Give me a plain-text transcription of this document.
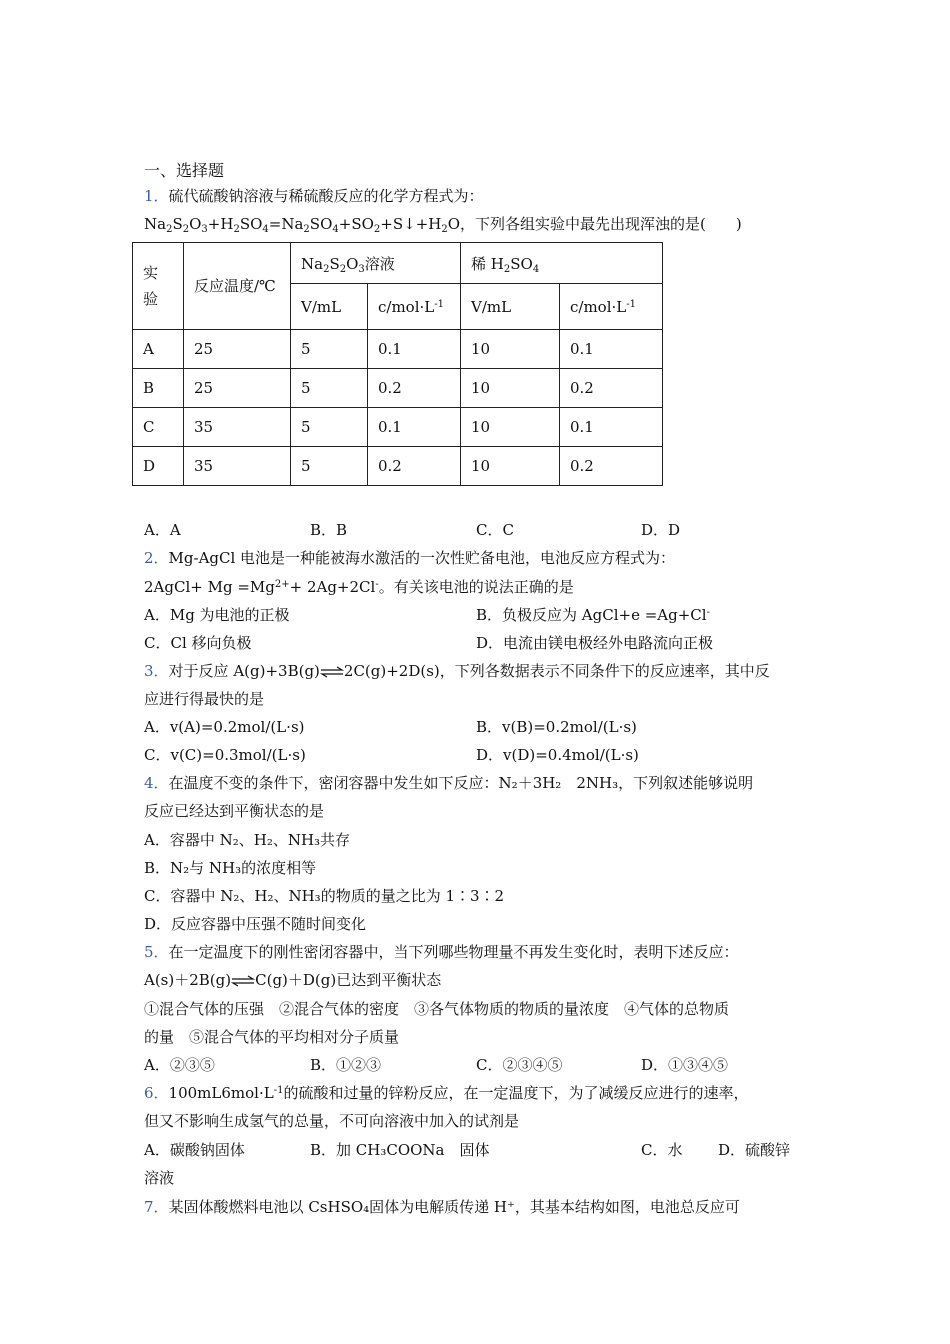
一、选择题
1．硫代硫酸钠溶液与稀硫酸反应的化学方程式为：
$Na_2S_2O_3+H_2SO_4=Na_2SO_4+SO_2+S↓+H_2O$，下列各组实验中最先出现浑浊的是(　　)
实验	反应温度/℃	$Na_2S_2O_3$溶液		稀 $H_2SO_4$
		V/mL	$c/mol\cdot L^{-1}$	V/mL	$c/mol\cdot L^{-1}$
A	25	5	0.1	10	0.1
B	25	5	0.2	10	0.2
C	35	5	0.1	10	0.1
D	35	5	0.2	10	0.2
A．A	B．B	C．C	D．D
2．Mg-AgCl 电池是一种能被海水激活的一次性贮备电池，电池反应方程式为：
2AgCl+ $Mg =Mg^{2+}+ 2Ag+2Cl^-$。有关该电池的说法正确的是
A．Mg 为电池的正极	B．负极反应为 AgCl+e =Ag+Cl-
C．Cl 移向负极	D．电流由镁电极经外电路流向正极
3．对于反应 A(g)+3B(g)⇌2C(g)+2D(s)，下列各数据表示不同条件下的反应速率，其中反
应进行得最快的是
A．v(A)=0.2mol/(L·s)	B．v(B)=0.2mol/(L·s)
C．v(C)=0.3mol/(L·s)	D．v(D)=0.4mol/(L·s)
4．在温度不变的条件下，密闭容器中发生如下反应：N₂＋3H₂　2NH₃，下列叙述能够说明
反应已经达到平衡状态的是
A．容器中 N₂、H₂、NH₃共存
B．N₂与 NH₃的浓度相等
C．容器中 N₂、H₂、NH₃的物质的量之比为 1∶3∶2
D．反应容器中压强不随时间变化
5．在一定温度下的刚性密闭容器中，当下列哪些物理量不再发生变化时，表明下述反应：
A(s)＋2B(g)⇌C(g)＋D(g)已达到平衡状态
①混合气体的压强　②混合气体的密度　③各气体物质的物质的量浓度　④气体的总物质
的量　⑤混合气体的平均相对分子质量
A．②③⑤	B．①②③	C．②③④⑤	D．①③④⑤
6．$100mL6mol\cdot L^{-1}$的硫酸和过量的锌粉反应，在一定温度下，为了减缓反应进行的速率，
但又不影响生成氢气的总量，不可向溶液中加入的试剂是
A．碳酸钠固体	B．加 CH₃COONa　固体	C．水 D．硫酸锌
溶液
7．某固体酸燃料电池以 CsHSO₄固体为电解质传递 H⁺，其基本结构如图，电池总反应可
